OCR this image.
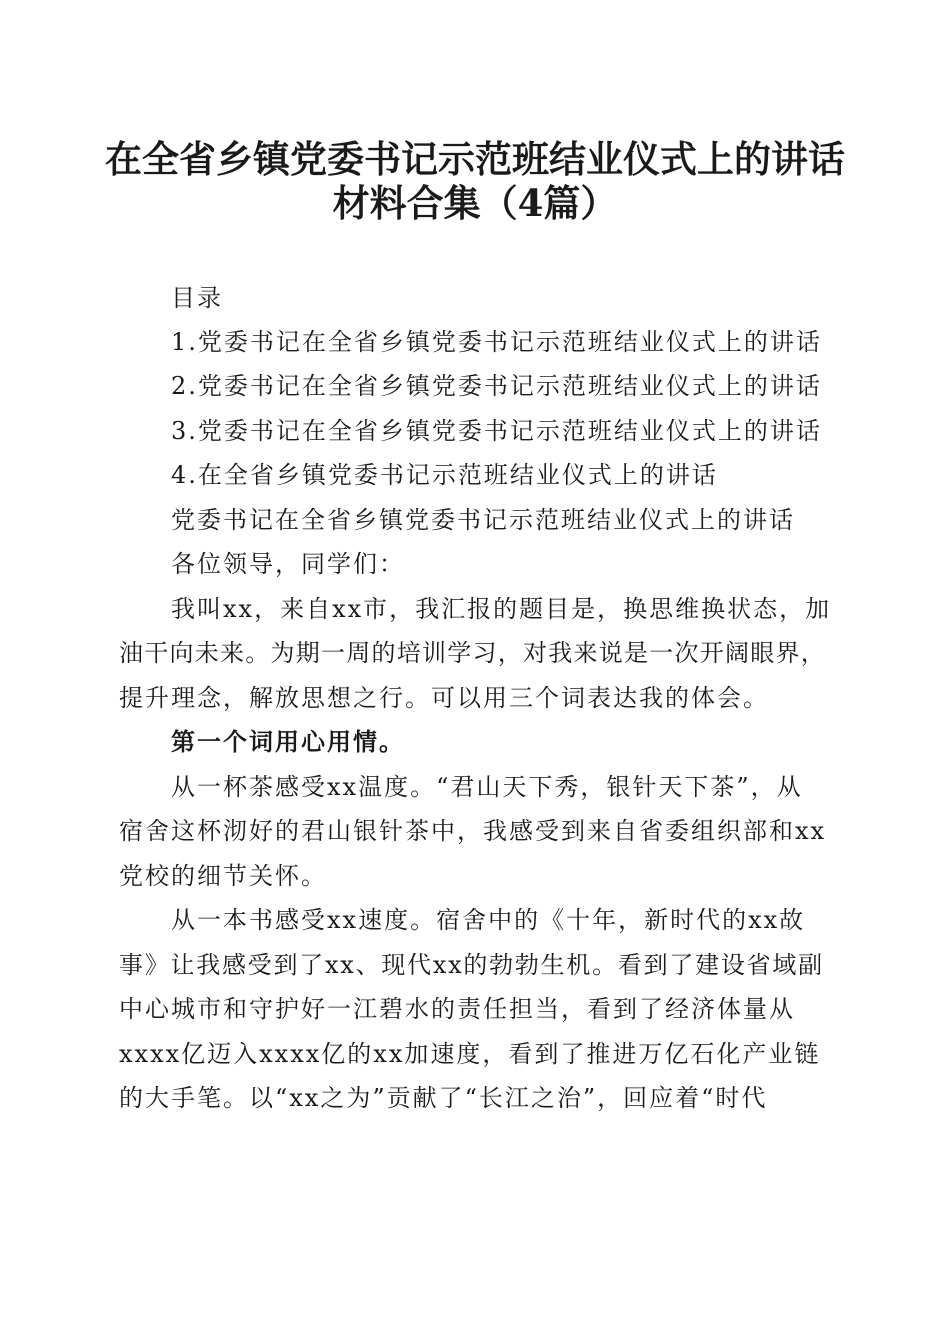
在全省乡镇党委书记示范班结业仪式上的讲话
材料合集（4篇）
目录
1.党委书记在全省乡镇党委书记示范班结业仪式上的讲话
2.党委书记在全省乡镇党委书记示范班结业仪式上的讲话
3.党委书记在全省乡镇党委书记示范班结业仪式上的讲话
4.在全省乡镇党委书记示范班结业仪式上的讲话
党委书记在全省乡镇党委书记示范班结业仪式上的讲话
各位领导，同学们：
我叫xx，来自xx市，我汇报的题目是，换思维换状态，加
油干向未来。为期一周的培训学习，对我来说是一次开阔眼界，
提升理念，解放思想之行。可以用三个词表达我的体会。
第一个词用心用情。
从一杯茶感受xx温度。“君山天下秀，银针天下茶”，从
宿舍这杯沏好的君山银针茶中，我感受到来自省委组织部和xx
党校的细节关怀。
从一本书感受xx速度。宿舍中的《十年，新时代的xx故
事》让我感受到了xx、现代xx的勃勃生机。看到了建设省域副
中心城市和守护好一江碧水的责任担当，看到了经济体量从
xxxx亿迈入xxxx亿的xx加速度，看到了推进万亿石化产业链
的大手笔。以“xx之为”贡献了“长江之治”，回应着“时代
